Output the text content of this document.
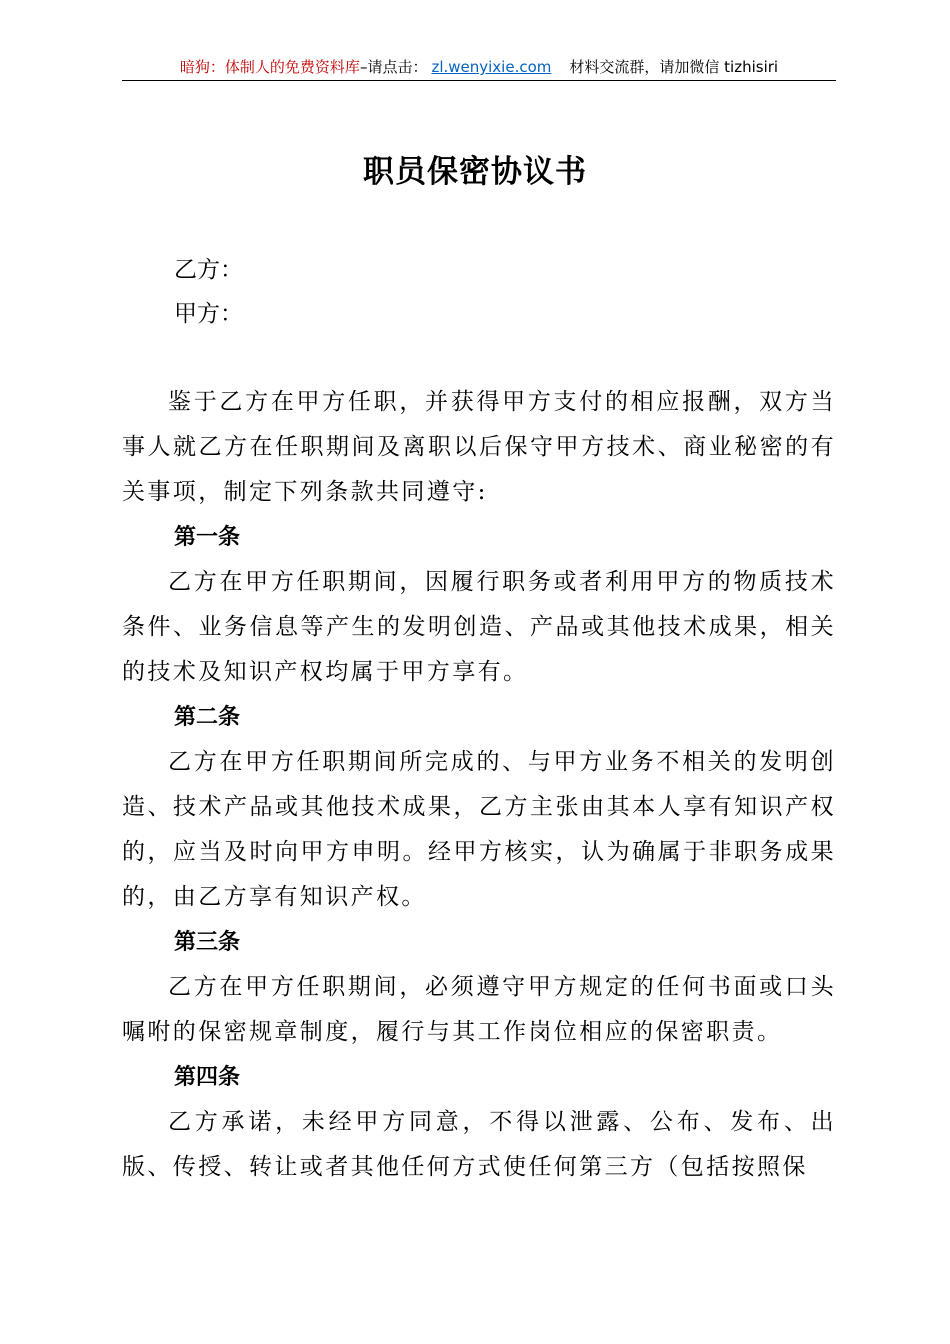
暗狗：体制人的免费资料库–请点击： zl.wenyixie.com 材料交流群，请加微信 tizhisiri
职员保密协议书
乙方：
甲方：

鉴于乙方在甲方任职，并获得甲方支付的相应报酬，双方当事人就乙方在任职期间及离职以后保守甲方技术、商业秘密的有关事项，制定下列条款共同遵守:

第一条

乙方在甲方任职期间，因履行职务或者利用甲方的物质技术条件、业务信息等产生的发明创造、产品或其他技术成果，相关的技术及知识产权均属于甲方享有。

第二条

乙方在甲方任职期间所完成的、与甲方业务不相关的发明创造、技术产品或其他技术成果，乙方主张由其本人享有知识产权的，应当及时向甲方申明。经甲方核实，认为确属于非职务成果的，由乙方享有知识产权。

第三条

乙方在甲方任职期间，必须遵守甲方规定的任何书面或口头嘱咐的保密规章制度，履行与其工作岗位相应的保密职责。

第四条

乙方承诺，未经甲方同意，不得以泄露、公布、发布、出版、传授、转让或者其他任何方式使任何第三方（包括按照保
